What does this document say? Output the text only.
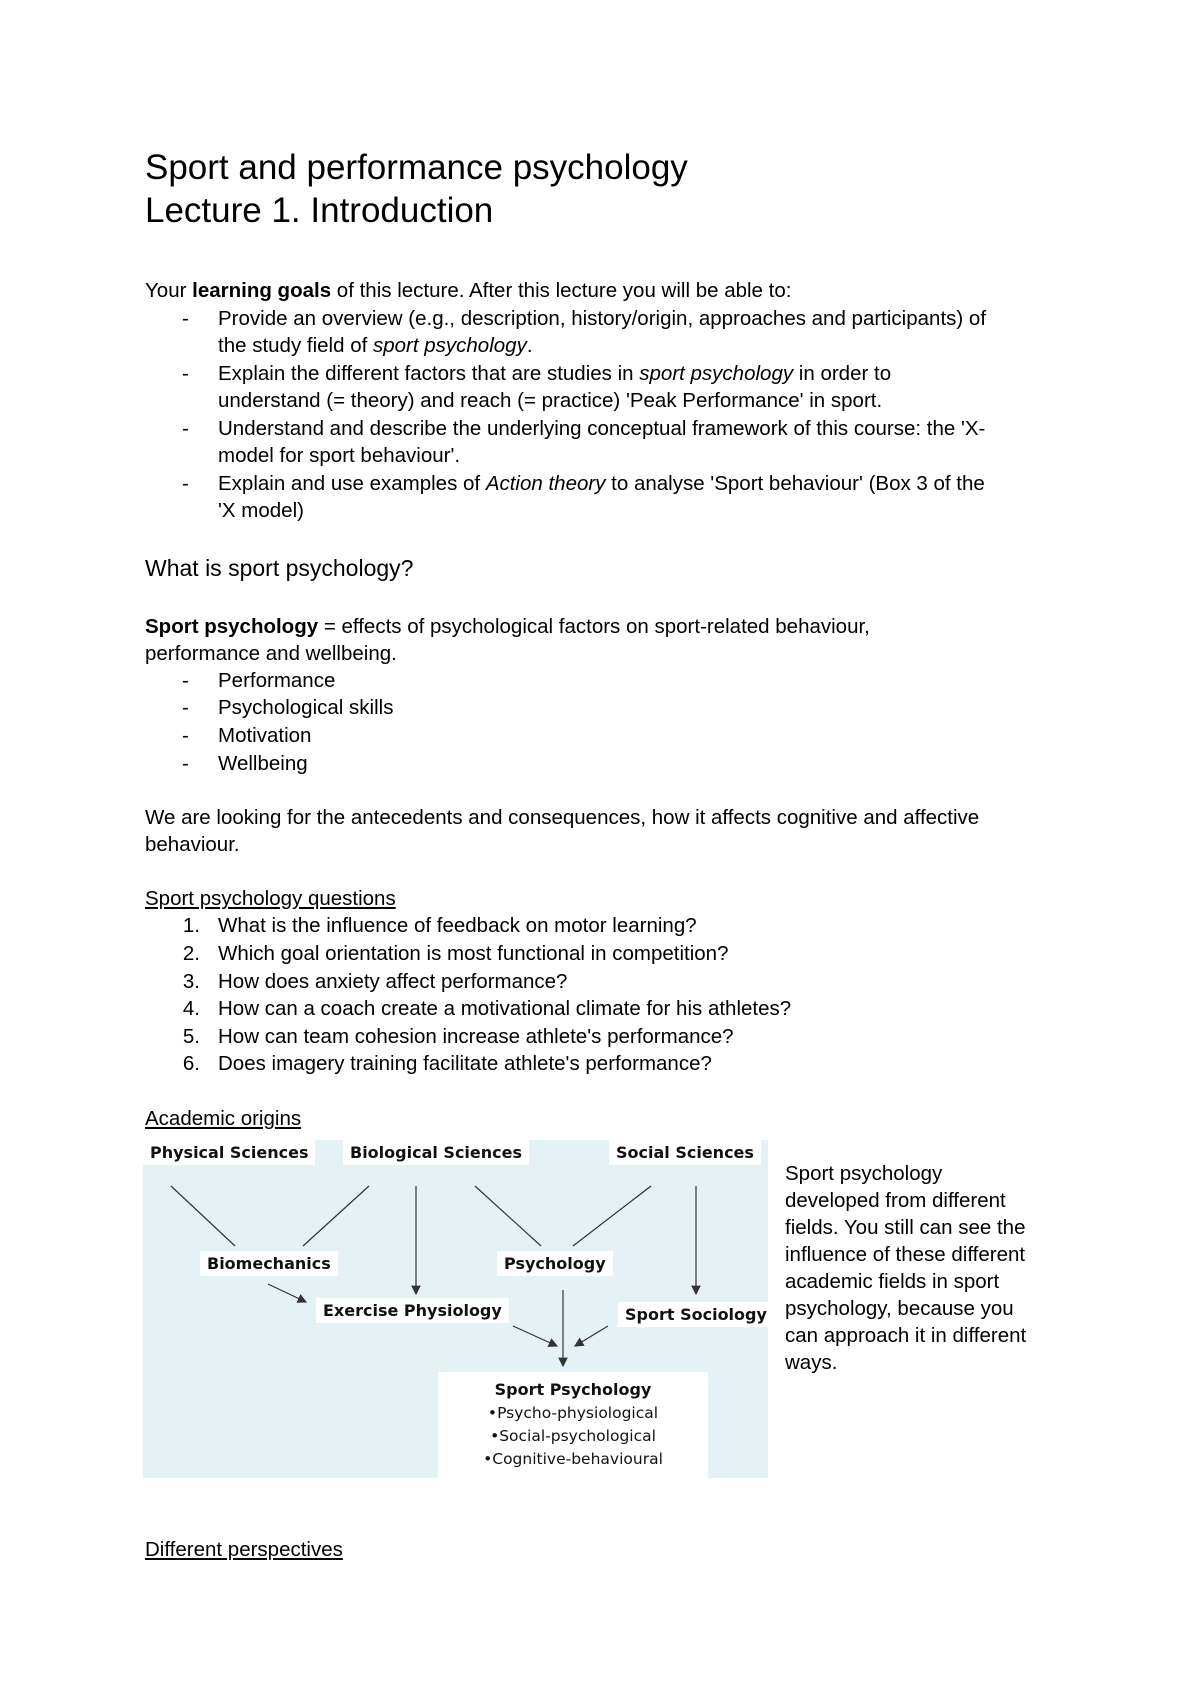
Sport and performance psychology
Lecture 1. Introduction
Your learning goals of this lecture. After this lecture you will be able to:
- Provide an overview (e.g., description, history/origin, approaches and participants) of
the study field of sport psychology.
- Explain the different factors that are studies in sport psychology in order to
understand (= theory) and reach (= practice) 'Peak Performance' in sport.
- Understand and describe the underlying conceptual framework of this course: the 'X-
model for sport behaviour'.
- Explain and use examples of Action theory to analyse 'Sport behaviour' (Box 3 of the
'X model)
What is sport psychology?
Sport psychology = effects of psychological factors on sport-related behaviour,
performance and wellbeing.
- Performance
- Psychological skills
- Motivation
- Wellbeing
We are looking for the antecedents and consequences, how it affects cognitive and affective
behaviour.
Sport psychology questions
1. What is the influence of feedback on motor learning?
2. Which goal orientation is most functional in competition?
3. How does anxiety affect performance?
4. How can a coach create a motivational climate for his athletes?
5. How can team cohesion increase athlete's performance?
6. Does imagery training facilitate athlete's performance?
Academic origins
Physical Sciences	Biological Sciences	Social Sciences
Biomechanics	Psychology
Exercise Physiology	Sport Sociology
Sport Psychology
•Psycho-physiological
•Social-psychological
•Cognitive-behavioural
Sport psychology
developed from different
fields. You still can see the
influence of these different
academic fields in sport
psychology, because you
can approach it in different
ways.
Different perspectives
